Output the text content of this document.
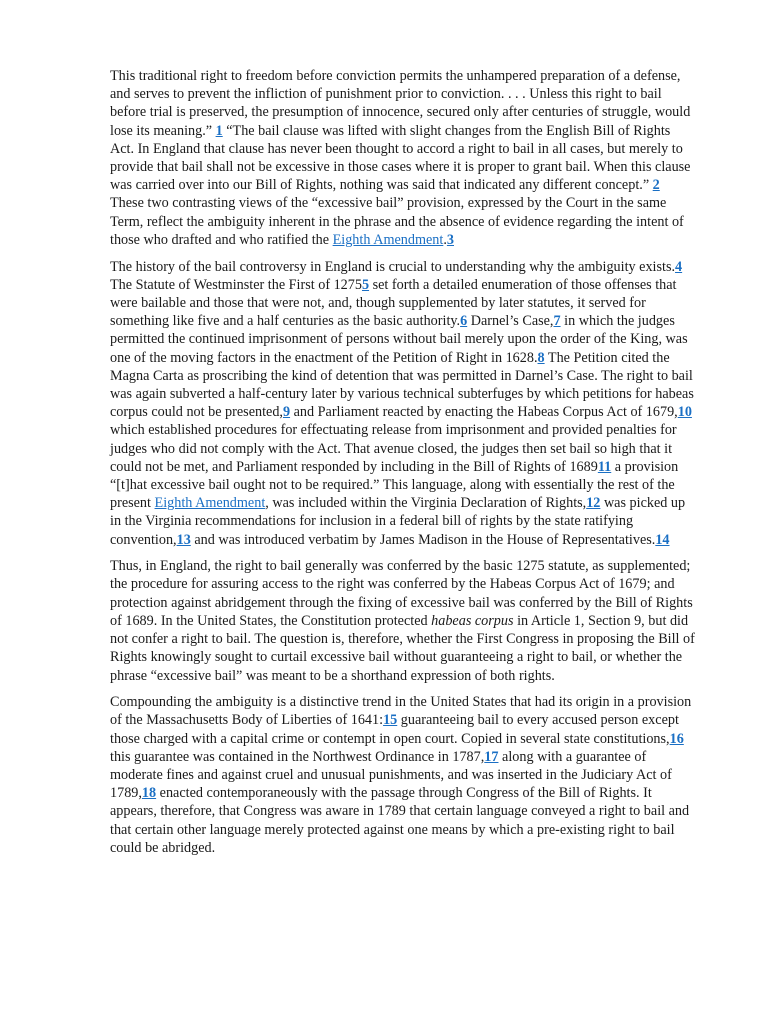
This traditional right to freedom before conviction permits the unhampered preparation of a defense, and serves to prevent the infliction of punishment prior to conviction. . . . Unless this right to bail before trial is preserved, the presumption of innocence, secured only after centuries of struggle, would lose its meaning.” 1 “The bail clause was lifted with slight changes from the English Bill of Rights Act. In England that clause has never been thought to accord a right to bail in all cases, but merely to provide that bail shall not be excessive in those cases where it is proper to grant bail. When this clause was carried over into our Bill of Rights, nothing was said that indicated any different concept.” 2 These two contrasting views of the “excessive bail” provision, expressed by the Court in the same Term, reflect the ambiguity inherent in the phrase and the absence of evidence regarding the intent of those who drafted and who ratified the Eighth Amendment.3

The history of the bail controversy in England is crucial to understanding why the ambiguity exists.4 The Statute of Westminster the First of 12755 set forth a detailed enumeration of those offenses that were bailable and those that were not, and, though supplemented by later statutes, it served for something like five and a half centuries as the basic authority.6 Darnel’s Case,7 in which the judges permitted the continued imprisonment of persons without bail merely upon the order of the King, was one of the moving factors in the enactment of the Petition of Right in 1628.8 The Petition cited the Magna Carta as proscribing the kind of detention that was permitted in Darnel’s Case. The right to bail was again subverted a half-century later by various technical subterfuges by which petitions for habeas corpus could not be presented,9 and Parliament reacted by enacting the Habeas Corpus Act of 1679,10 which established procedures for effectuating release from imprisonment and provided penalties for judges who did not comply with the Act. That avenue closed, the judges then set bail so high that it could not be met, and Parliament responded by including in the Bill of Rights of 168911 a provision “[t]hat excessive bail ought not to be required.” This language, along with essentially the rest of the present Eighth Amendment, was included within the Virginia Declaration of Rights,12 was picked up in the Virginia recommendations for inclusion in a federal bill of rights by the state ratifying convention,13 and was introduced verbatim by James Madison in the House of Representatives.14

Thus, in England, the right to bail generally was conferred by the basic 1275 statute, as supplemented; the procedure for assuring access to the right was conferred by the Habeas Corpus Act of 1679; and protection against abridgement through the fixing of excessive bail was conferred by the Bill of Rights of 1689. In the United States, the Constitution protected habeas corpus in Article 1, Section 9, but did not confer a right to bail. The question is, therefore, whether the First Congress in proposing the Bill of Rights knowingly sought to curtail excessive bail without guaranteeing a right to bail, or whether the phrase “excessive bail” was meant to be a shorthand expression of both rights.

Compounding the ambiguity is a distinctive trend in the United States that had its origin in a provision of the Massachusetts Body of Liberties of 1641:15 guaranteeing bail to every accused person except those charged with a capital crime or contempt in open court. Copied in several state constitutions,16 this guarantee was contained in the Northwest Ordinance in 1787,17 along with a guarantee of moderate fines and against cruel and unusual punishments, and was inserted in the Judiciary Act of 1789,18 enacted contemporaneously with the passage through Congress of the Bill of Rights. It appears, therefore, that Congress was aware in 1789 that certain language conveyed a right to bail and that certain other language merely protected against one means by which a pre-existing right to bail could be abridged.
